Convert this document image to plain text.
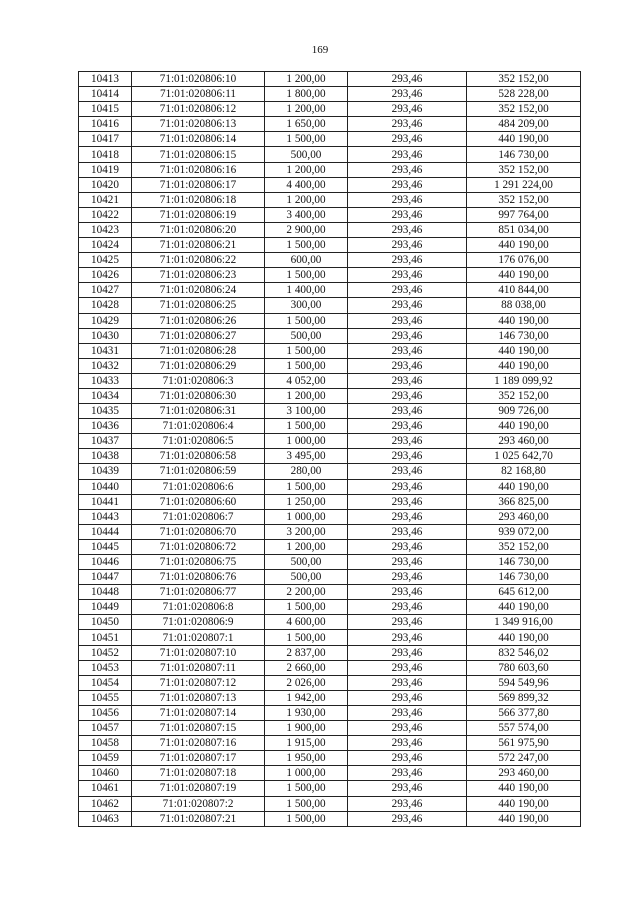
169
10413	71:01:020806:10	1 200,00	293,46	352 152,00
10414	71:01:020806:11	1 800,00	293,46	528 228,00
10415	71:01:020806:12	1 200,00	293,46	352 152,00
10416	71:01:020806:13	1 650,00	293,46	484 209,00
10417	71:01:020806:14	1 500,00	293,46	440 190,00
10418	71:01:020806:15	500,00	293,46	146 730,00
10419	71:01:020806:16	1 200,00	293,46	352 152,00
10420	71:01:020806:17	4 400,00	293,46	1 291 224,00
10421	71:01:020806:18	1 200,00	293,46	352 152,00
10422	71:01:020806:19	3 400,00	293,46	997 764,00
10423	71:01:020806:20	2 900,00	293,46	851 034,00
10424	71:01:020806:21	1 500,00	293,46	440 190,00
10425	71:01:020806:22	600,00	293,46	176 076,00
10426	71:01:020806:23	1 500,00	293,46	440 190,00
10427	71:01:020806:24	1 400,00	293,46	410 844,00
10428	71:01:020806:25	300,00	293,46	88 038,00
10429	71:01:020806:26	1 500,00	293,46	440 190,00
10430	71:01:020806:27	500,00	293,46	146 730,00
10431	71:01:020806:28	1 500,00	293,46	440 190,00
10432	71:01:020806:29	1 500,00	293,46	440 190,00
10433	71:01:020806:3	4 052,00	293,46	1 189 099,92
10434	71:01:020806:30	1 200,00	293,46	352 152,00
10435	71:01:020806:31	3 100,00	293,46	909 726,00
10436	71:01:020806:4	1 500,00	293,46	440 190,00
10437	71:01:020806:5	1 000,00	293,46	293 460,00
10438	71:01:020806:58	3 495,00	293,46	1 025 642,70
10439	71:01:020806:59	280,00	293,46	82 168,80
10440	71:01:020806:6	1 500,00	293,46	440 190,00
10441	71:01:020806:60	1 250,00	293,46	366 825,00
10443	71:01:020806:7	1 000,00	293,46	293 460,00
10444	71:01:020806:70	3 200,00	293,46	939 072,00
10445	71:01:020806:72	1 200,00	293,46	352 152,00
10446	71:01:020806:75	500,00	293,46	146 730,00
10447	71:01:020806:76	500,00	293,46	146 730,00
10448	71:01:020806:77	2 200,00	293,46	645 612,00
10449	71:01:020806:8	1 500,00	293,46	440 190,00
10450	71:01:020806:9	4 600,00	293,46	1 349 916,00
10451	71:01:020807:1	1 500,00	293,46	440 190,00
10452	71:01:020807:10	2 837,00	293,46	832 546,02
10453	71:01:020807:11	2 660,00	293,46	780 603,60
10454	71:01:020807:12	2 026,00	293,46	594 549,96
10455	71:01:020807:13	1 942,00	293,46	569 899,32
10456	71:01:020807:14	1 930,00	293,46	566 377,80
10457	71:01:020807:15	1 900,00	293,46	557 574,00
10458	71:01:020807:16	1 915,00	293,46	561 975,90
10459	71:01:020807:17	1 950,00	293,46	572 247,00
10460	71:01:020807:18	1 000,00	293,46	293 460,00
10461	71:01:020807:19	1 500,00	293,46	440 190,00
10462	71:01:020807:2	1 500,00	293,46	440 190,00
10463	71:01:020807:21	1 500,00	293,46	440 190,00
